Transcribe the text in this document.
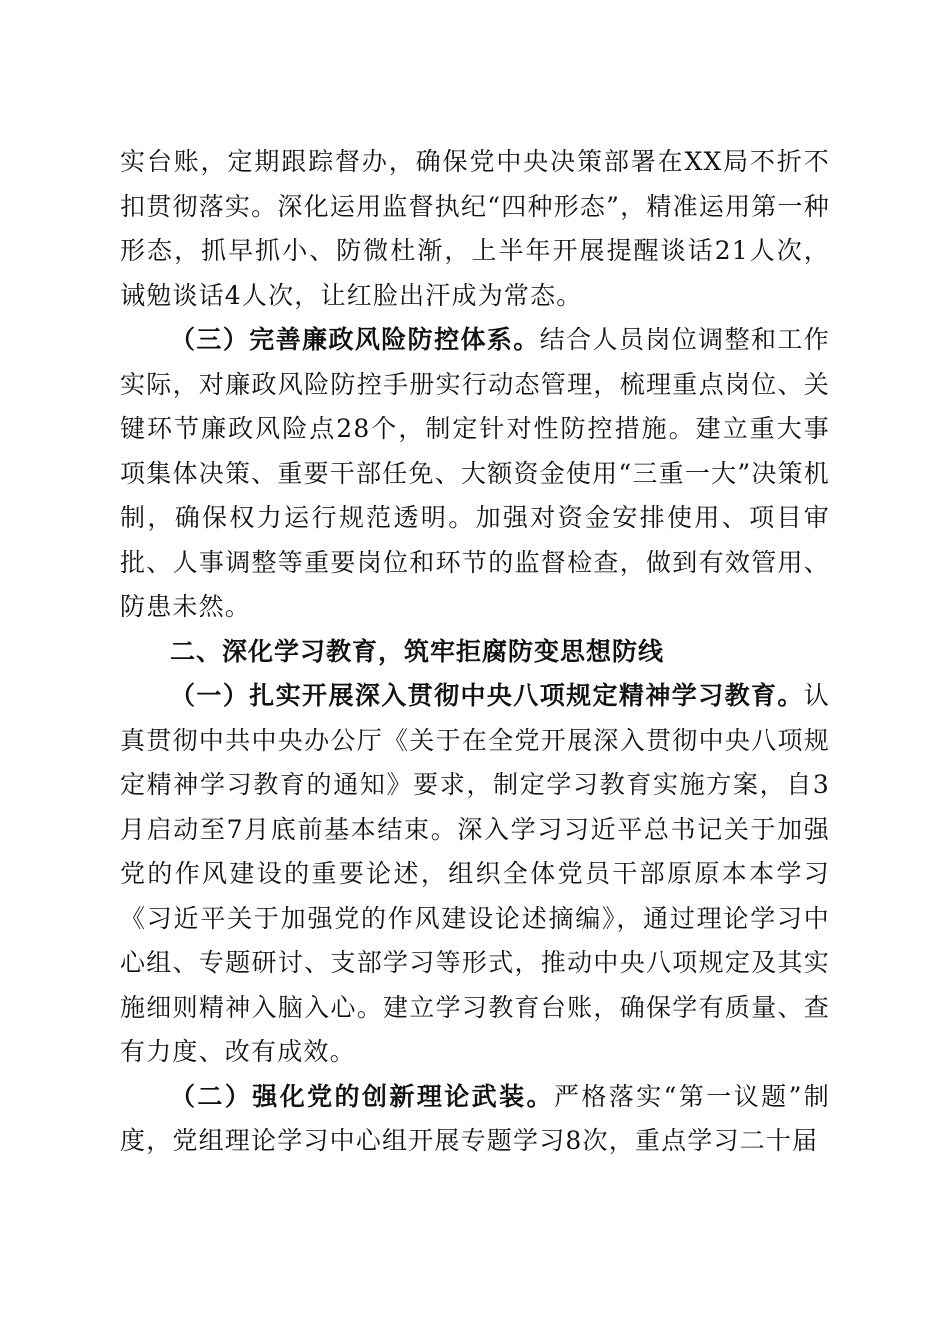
实台账，定期跟踪督办，确保党中央决策部署在XX局不折不扣贯彻落实。深化运用监督执纪“四种形态”，精准运用第一种形态，抓早抓小、防微杜渐，上半年开展提醒谈话21人次，诫勉谈话4人次，让红脸出汗成为常态。

（三）完善廉政风险防控体系。结合人员岗位调整和工作实际，对廉政风险防控手册实行动态管理，梳理重点岗位、关键环节廉政风险点28个，制定针对性防控措施。建立重大事项集体决策、重要干部任免、大额资金使用“三重一大”决策机制，确保权力运行规范透明。加强对资金安排使用、项目审批、人事调整等重要岗位和环节的监督检查，做到有效管用、防患未然。

二、深化学习教育，筑牢拒腐防变思想防线

（一）扎实开展深入贯彻中央八项规定精神学习教育。认真贯彻中共中央办公厅《关于在全党开展深入贯彻中央八项规定精神学习教育的通知》要求，制定学习教育实施方案，自3月启动至7月底前基本结束。深入学习习近平总书记关于加强党的作风建设的重要论述，组织全体党员干部原原本本学习《习近平关于加强党的作风建设论述摘编》，通过理论学习中心组、专题研讨、支部学习等形式，推动中央八项规定及其实施细则精神入脑入心。建立学习教育台账，确保学有质量、查有力度、改有成效。

（二）强化党的创新理论武装。严格落实“第一议题”制度，党组理论学习中心组开展专题学习8次，重点学习二十届
